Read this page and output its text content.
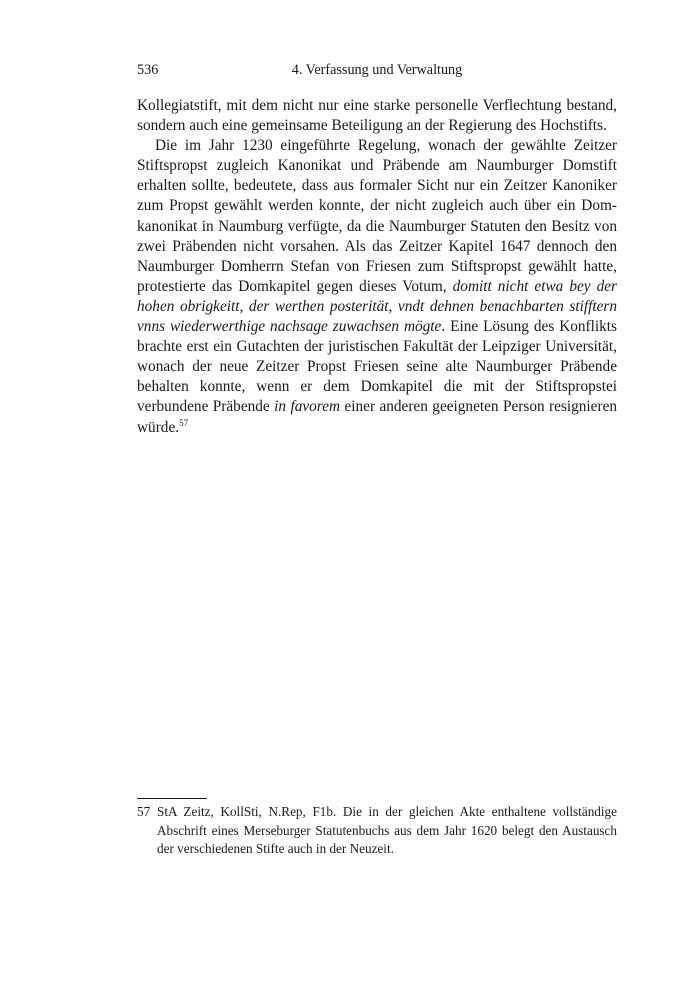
536	4. Verfassung und Verwaltung

Kollegiatstift, mit dem nicht nur eine starke personelle Verflechtung bestand, sondern auch eine gemeinsame Beteiligung an der Regierung des Hochstifts.

Die im Jahr 1230 eingeführte Regelung, wonach der gewählte Zeitzer Stiftspropst zugleich Kanonikat und Präbende am Naumburger Domstift erhalten sollte, bedeutete, dass aus formaler Sicht nur ein Zeitzer Kanoniker zum Propst gewählt werden konnte, der nicht zugleich auch über ein Domkanonikat in Naumburg verfügte, da die Naumburger Statuten den Besitz von zwei Präbenden nicht vorsahen. Als das Zeitzer Kapitel 1647 dennoch den Naumburger Domherrn Stefan von Friesen zum Stiftspropst gewählt hatte, protestierte das Domkapitel gegen dieses Votum, domitt nicht etwa bey der hohen obrigkeitt, der werthen posterität, vndt dehnen benachbarten stifftern vnns wiederwerthige nachsage zuwachsen mögte. Eine Lösung des Konflikts brachte erst ein Gutachten der juristischen Fakultät der Leipziger Universität, wonach der neue Zeitzer Propst Friesen seine alte Naumburger Präbende behalten konnte, wenn er dem Domkapitel die mit der Stiftspropstei verbundene Präbende in favorem einer anderen geeigneten Person resignieren würde.$^{57}$

57 StA Zeitz, KollSti, N.Rep, F1b. Die in der gleichen Akte enthaltene vollständige Abschrift eines Merseburger Statutenbuchs aus dem Jahr 1620 belegt den Austausch der verschiedenen Stifte auch in der Neuzeit.
